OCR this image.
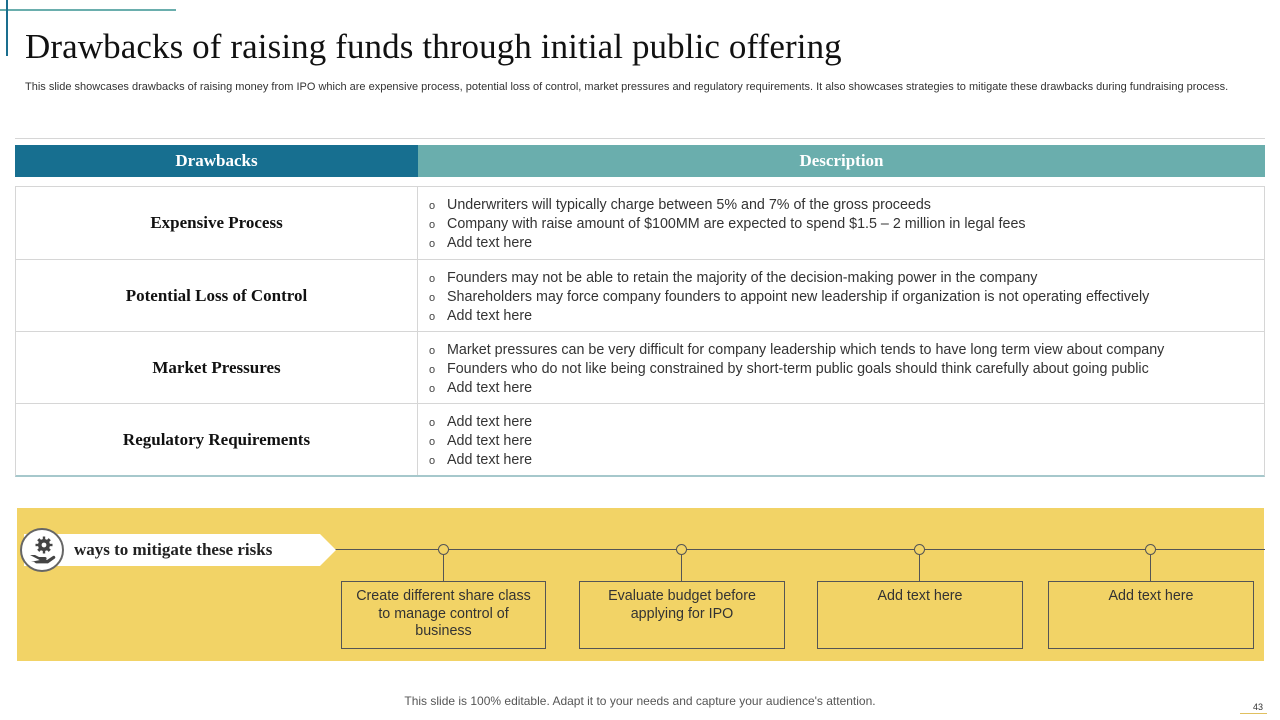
Drawbacks of raising funds through initial public offering
This slide showcases drawbacks of raising money from IPO which are expensive process, potential loss of control, market pressures and regulatory requirements. It also showcases strategies to mitigate these drawbacks during fundraising process.
Drawbacks	Description
Expensive Process
o Underwriters will typically charge between 5% and 7% of the gross proceeds
o Company with raise amount of $100MM are expected to spend $1.5 – 2 million in legal fees
o Add text here
Potential Loss of Control
o Founders may not be able to retain the majority of the decision-making power in the company
o Shareholders may force company founders to appoint new leadership if organization is not operating effectively
o Add text here
Market Pressures
o Market pressures can be very difficult for company leadership which tends to have long term view about company
o Founders who do not like being constrained by short-term public goals should think carefully about going public
o Add text here
Regulatory Requirements
o Add text here
o Add text here
o Add text here
ways to mitigate these risks
Create different share class to manage control of business
Evaluate budget before applying for IPO
Add text here	Add text here
This slide is 100% editable. Adapt it to your needs and capture your audience's attention.	43
